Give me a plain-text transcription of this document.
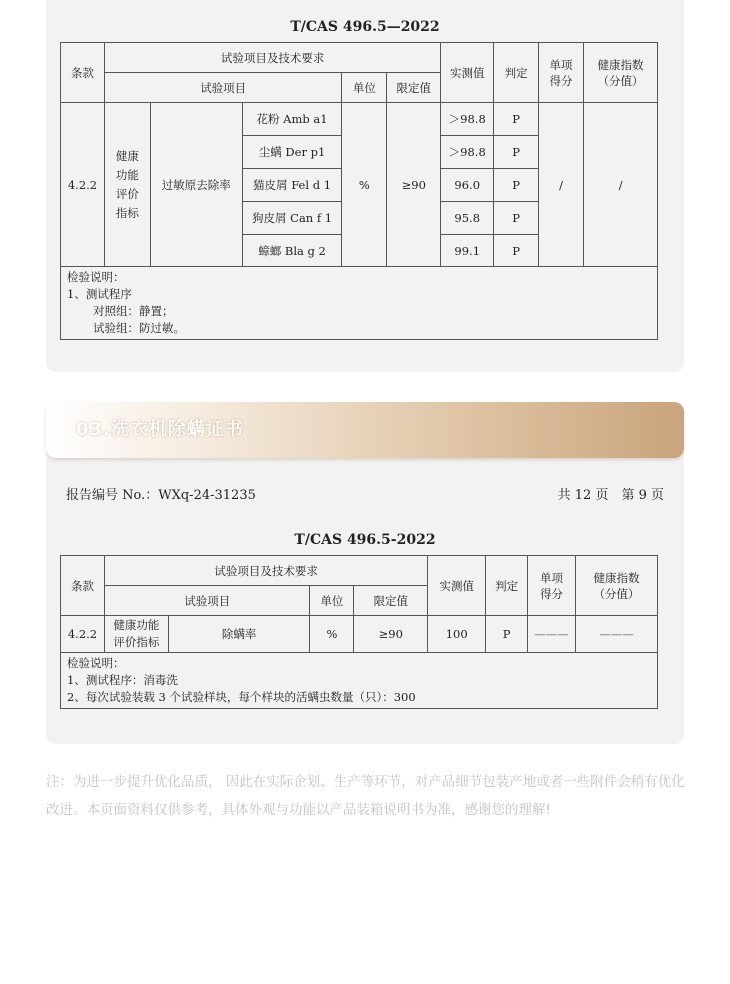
T/CAS 496.5—2022
条款	试验项目及技术要求					实测值	判定	单项得分	健康指数（分值）
	试验项目			单位	限定值				
4.2.2	健康功能评价指标	过敏原去除率	花粉 Amb a1	%	≥90	＞98.8	P	/	/
			尘螨 Der p1			＞98.8	P		
			猫皮屑 Fel d 1			96.0	P		
			狗皮屑 Can f 1			95.8	P		
			蟑螂 Bla g 2			99.1	P		

检验说明：
1、测试程序
对照组：静置；
试验组：防过敏。									
03.洗衣机除螨证书
报告编号 No.：WXq-24-31235	共 12 页　第 9 页
T/CAS 496.5-2022
条款	试验项目及技术要求				实测值	判定	单项得分	健康指数（分值）
	试验项目		单位	限定值				
4.2.2	健康功能评价指标	除螨率	%	≥90	100	P	———	———

检验说明：
1、测试程序：消毒洗
2、每次试验装载 3 个试验样块，每个样块的活螨虫数量（只）：300								
注：为进一步提升优化品质， 因此在实际企划、生产等环节，对产品细节包装产地或者一些附件会稍有优化改进。本页面资料仅供参考，具体外观与功能以产品装箱说明书为准，感谢您的理解!
